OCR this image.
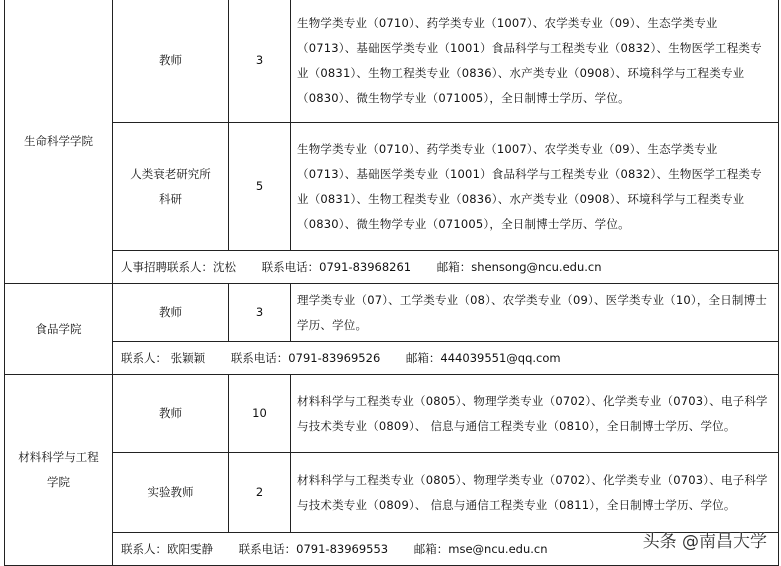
生命科学学院	教师	3	生物学类专业（0710）、药学类专业（1007）、农学类专业（09）、生态学类专业（0713）、基础医学类专业（1001）食品科学与工程类专业（0832）、生物医学工程类专业（0831）、生物工程类专业（0836）、水产类专业（0908）、环境科学与工程类专业（0830）、微生物学专业（071005），全日制博士学历、学位。
	人类衰老研究所科研	5	生物学类专业（0710）、药学类专业（1007）、农学类专业（09）、生态学类专业（0713）、基础医学类专业（1001）食品科学与工程类专业（0832）、生物医学工程类专业（0831）、生物工程类专业（0836）、水产类专业（0908）、环境科学与工程类专业（0830）、微生物学专业（071005），全日制博士学历、学位。
	人事招聘联系人：沈松 联系电话：0791-83968261 邮箱：shensong@ncu.edu.cn		
食品学院	教师	3	理学类专业（07）、工学类专业（08）、农学类专业（09）、医学类专业（10），全日制博士学历、学位。
	联系人： 张颖颖 联系电话：0791-83969526 邮箱：444039551@qq.com		
材料科学与工程学院	教师	10	材料科学与工程类专业（0805）、物理学类专业（0702）、化学类专业（0703）、电子科学与技术类专业（0809）、 信息与通信工程类专业（0810），全日制博士学历、学位。
	实验教师	2	材料科学与工程类专业（0805）、物理学类专业（0702）、化学类专业（0703）、电子科学与技术类专业（0809）、 信息与通信工程类专业（0811），全日制博士学历、学位。
	联系人：欧阳雯静 联系电话：0791-83969553 邮箱：mse@ncu.edu.cn			头条 @南昌大学
